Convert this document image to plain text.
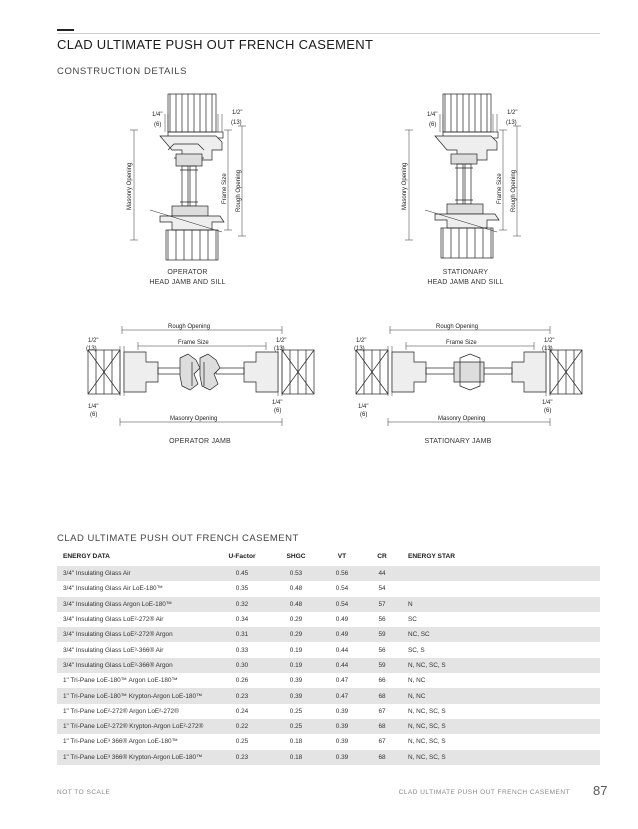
CLAD ULTIMATE PUSH OUT FRENCH CASEMENT
CONSTRUCTION DETAILS
1/4"
(6)
1/2"
(13)
Masonry Opening	Frame Size Rough Opening
OPERATOR
HEAD JAMB AND SILL
1/4"
(6)
1/2"
(13)
Masonry Opening	Frame Size Rough Opening
STATIONARY
HEAD JAMB AND SILL
Rough Opening
Frame Size
Masonry Opening
1/2"
(13)
1/2"
(13)
1/4"
(6)
1/4"
(6)
OPERATOR JAMB
Rough Opening
Frame Size
Masonry Opening
1/2"
(13)
1/2"
(13)
1/4"
(6)
1/4"
(6)
STATIONARY JAMB
CLAD ULTIMATE PUSH OUT FRENCH CASEMENT
ENERGY DATA	U-Factor	SHGC	VT	CR	ENERGY STAR
3/4" Insulating Glass Air	0.45	0.53	0.56	44	
3/4" Insulating Glass Air LoE-180™	0.35	0.48	0.54	54	
3/4" Insulating Glass Argon LoE-180™	0.32	0.48	0.54	57	N
3/4" Insulating Glass LoE²-272® Air	0.34	0.29	0.49	56	SC
3/4" Insulating Glass LoE²-272® Argon	0.31	0.29	0.49	59	NC, SC
3/4" Insulating Glass LoE³-366® Air	0.33	0.19	0.44	56	SC, S
3/4" Insulating Glass LoE³-366® Argon	0.30	0.19	0.44	59	N, NC, SC, S
1" Tri-Pane LoE-180™ Argon LoE-180™	0.26	0.39	0.47	66	N, NC
1" Tri-Pane LoE-180™ Krypton-Argon LoE-180™	0.23	0.39	0.47	68	N, NC
1" Tri-Pane LoE²-272® Argon LoE²-272®	0.24	0.25	0.39	67	N, NC, SC, S
1" Tri-Pane LoE²-272® Krypton-Argon LoE²-272®	0.22	0.25	0.39	68	N, NC, SC, S
1" Tri-Pane LoE³ 366® Argon LoE-180™	0.25	0.18	0.39	67	N, NC, SC, S
1" Tri-Pane LoE³ 366® Krypton-Argon LoE-180™	0.23	0.18	0.39	68	N, NC, SC, S
NOT TO SCALE	CLAD ULTIMATE PUSH OUT FRENCH CASEMENT 87
